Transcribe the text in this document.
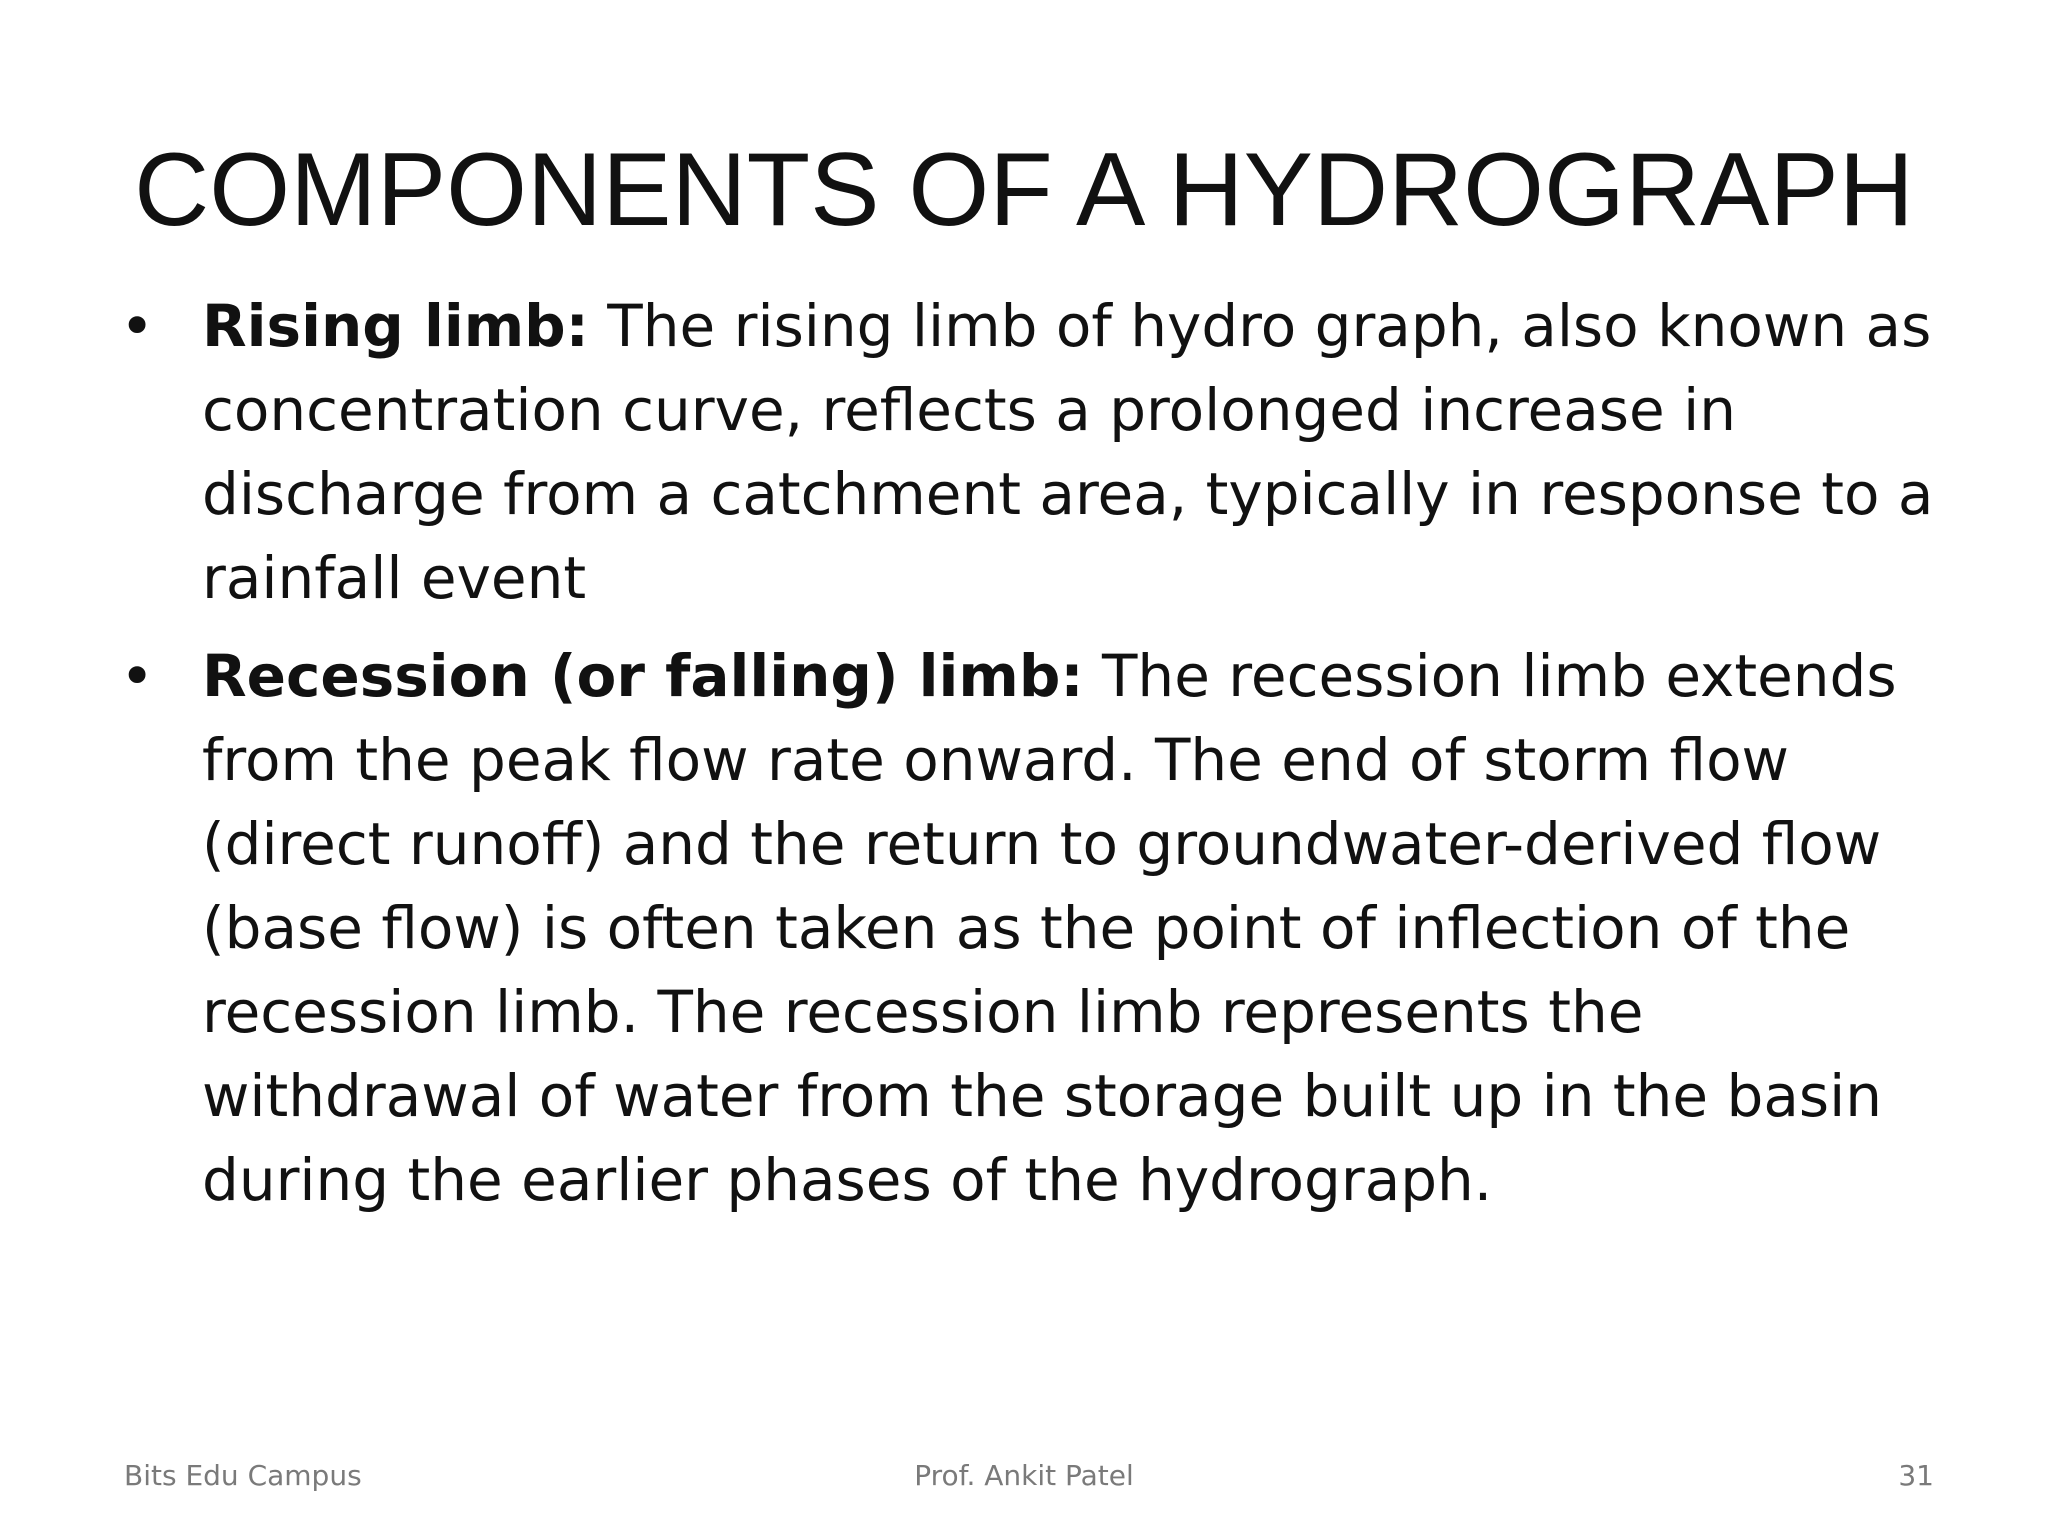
COMPONENTS OF A HYDROGRAPH
• Rising limb: The rising limb of hydro graph, also known as concentration curve, reflects a prolonged increase in discharge from a catchment area, typically in response to a rainfall event
• Recession (or falling) limb: The recession limb extends from the peak flow rate onward. The end of storm flow (direct runoff) and the return to groundwater-derived flow (base flow) is often taken as the point of inflection of the recession limb. The recession limb represents the withdrawal of water from the storage built up in the basin during the earlier phases of the hydrograph.
Bits Edu Campus	Prof. Ankit Patel	31
